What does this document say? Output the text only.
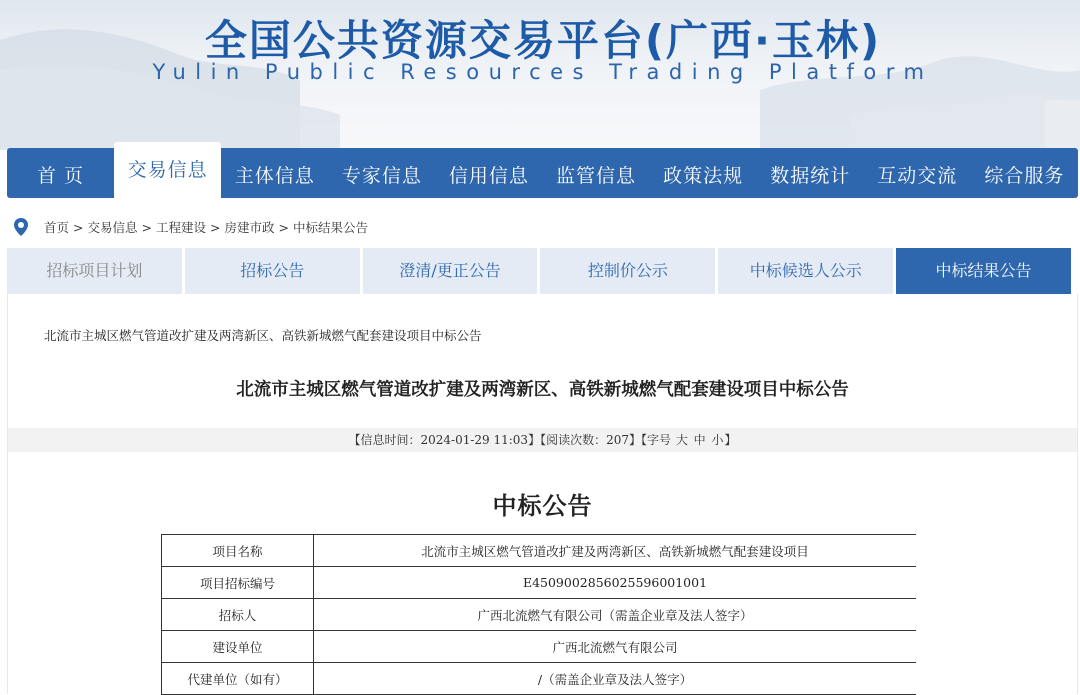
全国公共资源交易平台(广西·玉林)
Yulin Public Resources Trading Platform
首 页	交易信息	主体信息	专家信息	信用信息	监管信息	政策法规	数据统计	互动交流	综合服务
首页 > 交易信息 > 工程建设 > 房建市政 > 中标结果公告
招标项目计划	招标公告	澄清/更正公告	控制价公示	中标候选人公示	中标结果公告
北流市主城区燃气管道改扩建及两湾新区、高铁新城燃气配套建设项目中标公告
北流市主城区燃气管道改扩建及两湾新区、高铁新城燃气配套建设项目中标公告
【信息时间：2024-01-29 11:03】【阅读次数：207】【字号 大 中 小】
中标公告
项目名称	北流市主城区燃气管道改扩建及两湾新区、高铁新城燃气配套建设项目
项目招标编号	E4509002856025596001001
招标人	广西北流燃气有限公司（需盖企业章及法人签字）
建设单位	广西北流燃气有限公司
代建单位（如有）	/（需盖企业章及法人签字）
